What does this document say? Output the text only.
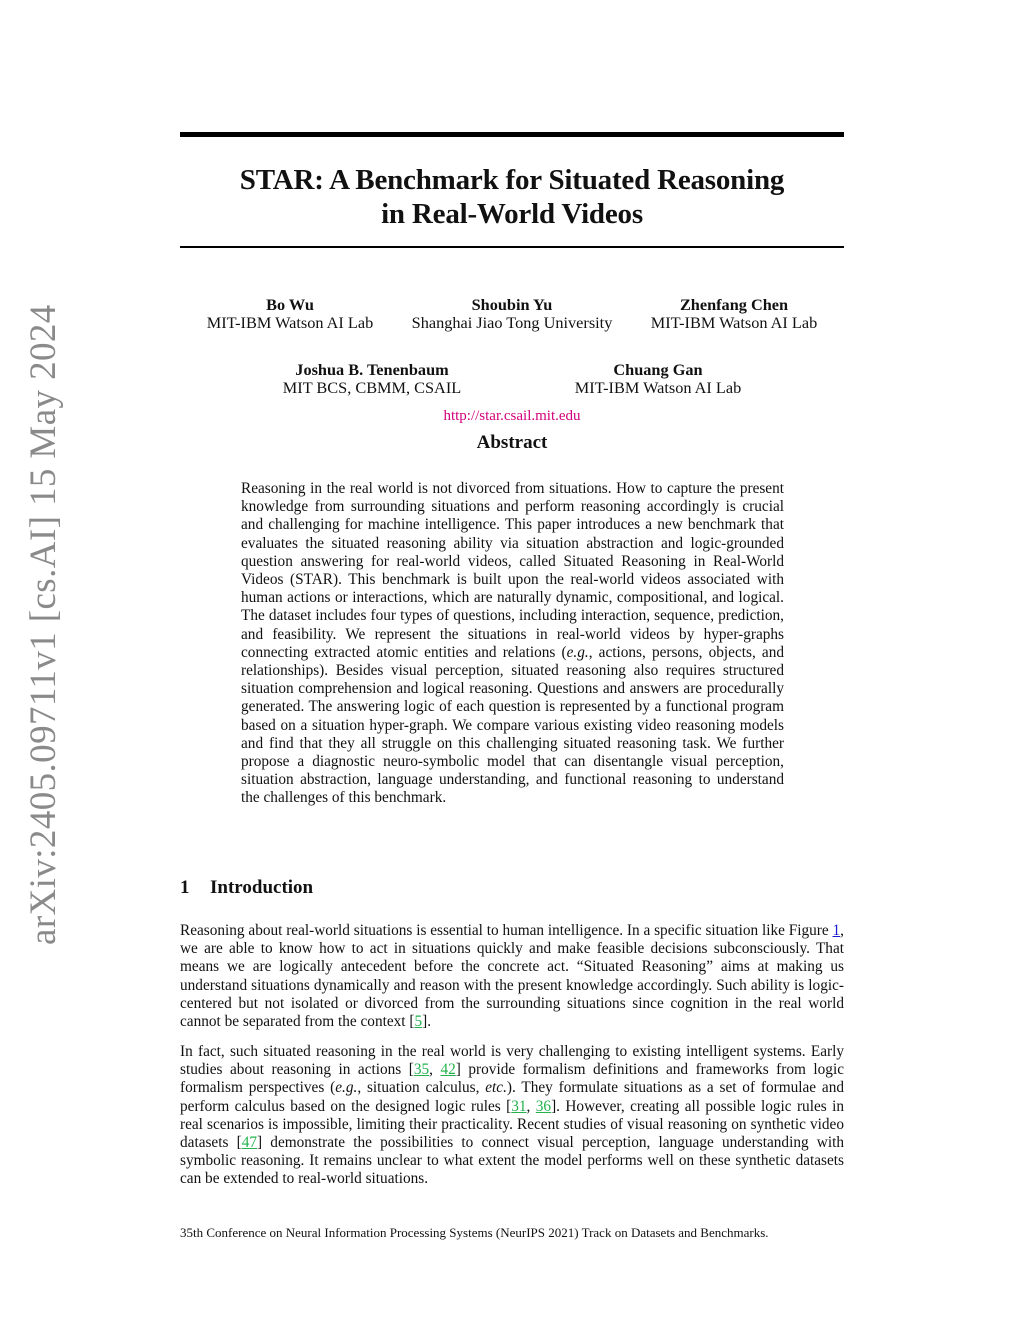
arXiv:2405.09711v1 [cs.AI] 15 May 2024
STAR: A Benchmark for Situated Reasoning
in Real-World Videos
Bo Wu
MIT-IBM Watson AI Lab
Shoubin Yu
Shanghai Jiao Tong University
Zhenfang Chen
MIT-IBM Watson AI Lab
Joshua B. Tenenbaum
MIT BCS, CBMM, CSAIL
Chuang Gan
MIT-IBM Watson AI Lab
http://star.csail.mit.edu
Abstract

Reasoning in the real world is not divorced from situations. How to capture the present knowledge from surrounding situations and perform reasoning accordingly is crucial and challenging for machine intelligence. This paper introduces a new benchmark that evaluates the situated reasoning ability via situation abstraction and logic-grounded question answering for real-world videos, called Situated Reasoning in Real-World Videos (STAR). This benchmark is built upon the real-world videos associated with human actions or interactions, which are naturally dynamic, compositional, and logical. The dataset includes four types of questions, including interaction, sequence, prediction, and feasibility. We represent the situations in real-world videos by hyper-graphs connecting extracted atomic entities and relations (e.g., actions, persons, objects, and relationships). Besides visual perception, situated reasoning also requires structured situation comprehension and logical reasoning. Questions and answers are procedurally generated. The answering logic of each question is represented by a functional program based on a situation hyper-graph. We compare various existing video reasoning models and find that they all struggle on this challenging situated reasoning task. We further propose a diagnostic neuro-symbolic model that can disentangle visual perception, situation abstraction, language understanding, and functional reasoning to understand the challenges of this benchmark.

1 Introduction

Reasoning about real-world situations is essential to human intelligence. In a specific situation like Figure 1, we are able to know how to act in situations quickly and make feasible decisions subconsciously. That means we are logically antecedent before the concrete act. “Situated Reasoning” aims at making us understand situations dynamically and reason with the present knowledge accordingly. Such ability is logic-centered but not isolated or divorced from the surrounding situations since cognition in the real world cannot be separated from the context [5].

In fact, such situated reasoning in the real world is very challenging to existing intelligent systems. Early studies about reasoning in actions [35, 42] provide formalism definitions and frameworks from logic formalism perspectives (e.g., situation calculus, etc.). They formulate situations as a set of formulae and perform calculus based on the designed logic rules [31, 36]. However, creating all possible logic rules in real scenarios is impossible, limiting their practicality. Recent studies of visual reasoning on synthetic video datasets [47] demonstrate the possibilities to connect visual perception, language understanding with symbolic reasoning. It remains unclear to what extent the model performs well on these synthetic datasets can be extended to real-world situations.

35th Conference on Neural Information Processing Systems (NeurIPS 2021) Track on Datasets and Benchmarks.
